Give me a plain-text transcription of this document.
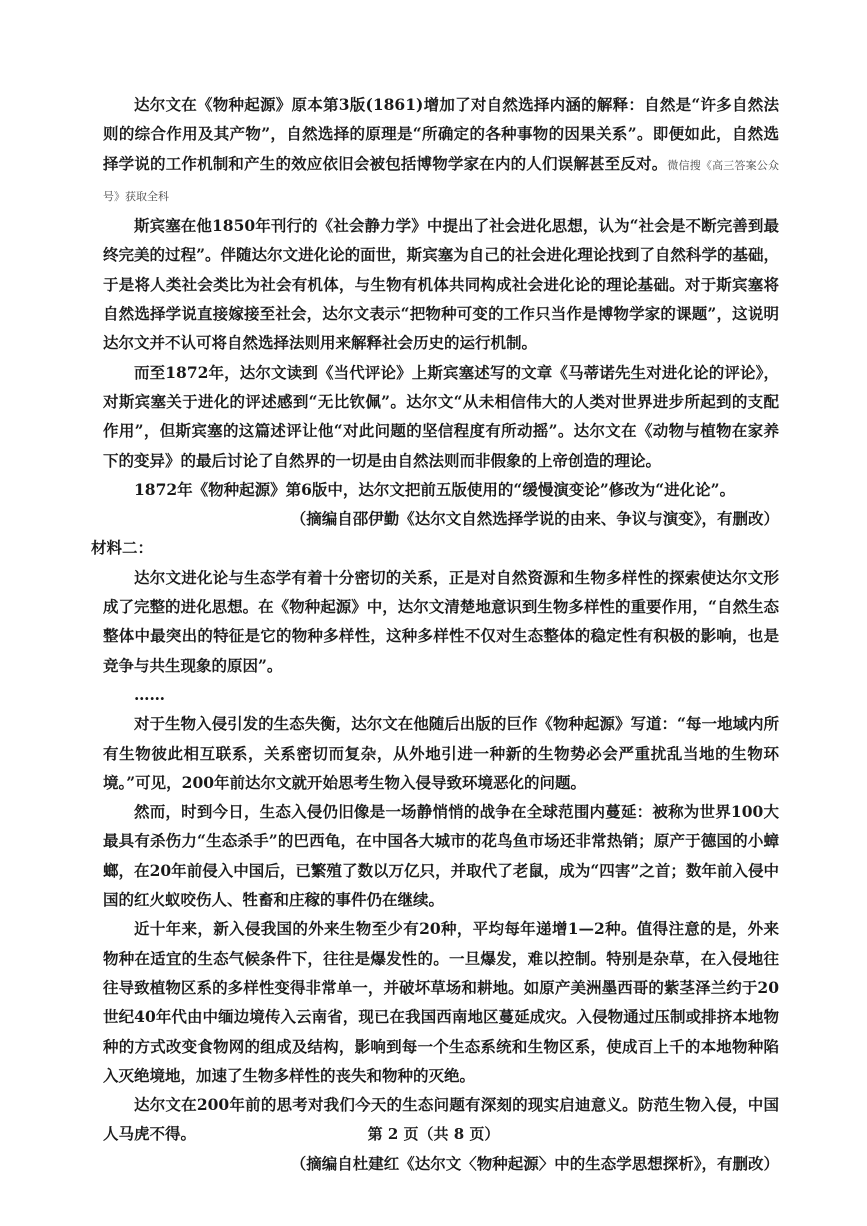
达尔文在《物种起源》原本第3版(1861)增加了对自然选择内涵的解释：自然是“许多自然法则的综合作用及其产物”，自然选择的原理是“所确定的各种事物的因果关系”。即便如此，自然选择学说的工作机制和产生的效应依旧会被包括博物学家在内的人们误解甚至反对。微信搜《高三答案公众号》获取全科

斯宾塞在他1850年刊行的《社会静力学》中提出了社会进化思想，认为“社会是不断完善到最终完美的过程”。伴随达尔文进化论的面世，斯宾塞为自己的社会进化理论找到了自然科学的基础，于是将人类社会类比为社会有机体，与生物有机体共同构成社会进化论的理论基础。对于斯宾塞将自然选择学说直接嫁接至社会，达尔文表示“把物种可变的工作只当作是博物学家的课题”，这说明达尔文并不认可将自然选择法则用来解释社会历史的运行机制。

而至1872年，达尔文读到《当代评论》上斯宾塞述写的文章《马蒂诺先生对进化论的评论》，对斯宾塞关于进化的评述感到“无比钦佩”。达尔文“从未相信伟大的人类对世界进步所起到的支配作用”，但斯宾塞的这篇述评让他“对此问题的坚信程度有所动摇”。达尔文在《动物与植物在家养下的变异》的最后讨论了自然界的一切是由自然法则而非假象的上帝创造的理论。

1872年《物种起源》第6版中，达尔文把前五版使用的“缓慢演变论”修改为“进化论”。

（摘编自邵伊勤《达尔文自然选择学说的由来、争议与演变》，有删改）

材料二：

达尔文进化论与生态学有着十分密切的关系，正是对自然资源和生物多样性的探索使达尔文形成了完整的进化思想。在《物种起源》中，达尔文清楚地意识到生物多样性的重要作用，“自然生态整体中最突出的特征是它的物种多样性，这种多样性不仅对生态整体的稳定性有积极的影响，也是竞争与共生现象的原因”。

……

对于生物入侵引发的生态失衡，达尔文在他随后出版的巨作《物种起源》写道：“每一地域内所有生物彼此相互联系，关系密切而复杂，从外地引进一种新的生物势必会严重扰乱当地的生物环境。”可见，200年前达尔文就开始思考生物入侵导致环境恶化的问题。

然而，时到今日，生态入侵仍旧像是一场静悄悄的战争在全球范围内蔓延：被称为世界100大最具有杀伤力“生态杀手”的巴西龟，在中国各大城市的花鸟鱼市场还非常热销；原产于德国的小蟑螂，在20年前侵入中国后，已繁殖了数以万亿只，并取代了老鼠，成为“四害”之首；数年前入侵中国的红火蚁咬伤人、牲畜和庄稼的事件仍在继续。

近十年来，新入侵我国的外来生物至少有20种，平均每年递增1—2种。值得注意的是，外来物种在适宜的生态气候条件下，往往是爆发性的。一旦爆发，难以控制。特别是杂草，在入侵地往往导致植物区系的多样性变得非常单一，并破坏草场和耕地。如原产美洲墨西哥的紫茎泽兰约于20世纪40年代由中缅边境传入云南省，现已在我国西南地区蔓延成灾。入侵物通过压制或排挤本地物种的方式改变食物网的组成及结构，影响到每一个生态系统和生物区系，使成百上千的本地物种陷入灭绝境地，加速了生物多样性的丧失和物种的灭绝。

达尔文在200年前的思考对我们今天的生态问题有深刻的现实启迪意义。防范生物入侵，中国人马虎不得。

（摘编自杜建红《达尔文〈物种起源〉中的生态学思想探析》，有删改）

第 2 页（共 8 页）
